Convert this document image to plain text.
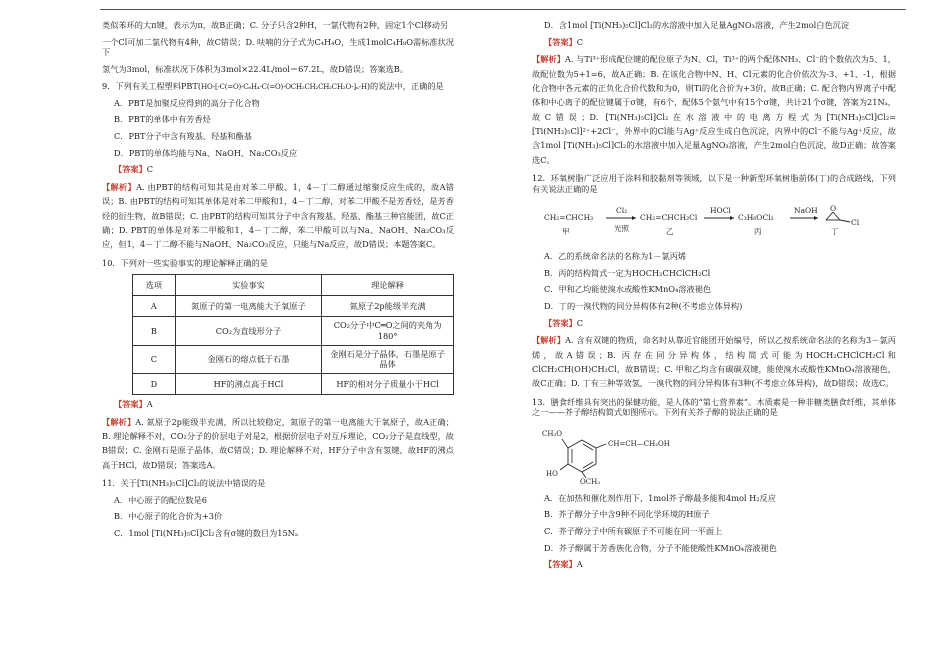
类似苯环的大π键，表示为π，故B正确；C. 分子只含2种H，一氯代物有2种，固定1个Cl移动另

一个Cl可加二氯代物有4种，故C错误；D. 呋喃的分子式为C₄H₄O，生成1molC₄H₈O需标准状况下

氢气为3mol，标准状况下体积为3mol×22.4L/mol＝67.2L，故D错误；答案选B。

9．下列有关工程塑料PBT(HO-[-C(=O)-C₆H₄-C(=O)-OCH₂CH₂CH₂CH₂O-]ₙ-H)的说法中，正确的是

A．PBT是加聚反应得到的高分子化合物

B．PBT的单体中有芳香烃

C．PBT分子中含有羧基、羟基和酯基

D．PBT的单体均能与Na、NaOH、Na₂CO₃反应

【答案】C

【解析】A. 由PBT的结构可知其是由对苯二甲酸、1，4－丁二醇通过缩聚反应生成的，故A错误；B. 由PBT的结构可知其单体是对苯二甲酸和1，4－丁二醇，对苯二甲酸不是芳香烃，是芳香烃的衍生物，故B错误；C. 由PBT的结构可知其分子中含有羧基、羟基、酯基三种官能团，故C正确；D. PBT的单体是对苯二甲酸和1，4－丁二醇，苯二甲酸可以与Na、NaOH、Na₂CO₃反应，但1，4－丁二醇不能与NaOH、Na₂CO₃反应，只能与Na反应，故D错误；本题答案C。

10．下列对一些实验事实的理论解释正确的是

选项	实验事实	理论解释
A	氮原子的第一电离能大于氧原子	氮原子2p能级半充满
B	CO₂为直线形分子	CO₂分子中C═O之间的夹角为180°
C	金刚石的熔点低于石墨	金刚石是分子晶体，石墨是原子晶体
D	HF的沸点高于HCl	HF的相对分子质量小于HCl

【答案】A

【解析】A. 氮原子2p能级半充满，所以比较稳定，氮原子的第一电离能大于氧原子，故A正确；B. 理论解释不对，CO₂分子的价层电子对是2，根据价层电子对互斥理论，CO₂分子是直线型，故B错误；C. 金刚石是原子晶体，故C错误；D. 理论解释不对，HF分子中含有氢键，故HF的沸点高于HCl，故D错误；答案选A。

11．关于[Ti(NH₃)₅Cl]Cl₂的说法中错误的是

A．中心原子的配位数是6

B．中心原子的化合价为+3价

C．1mol [Ti(NH₃)₅Cl]Cl₂含有σ键的数目为15Nₐ

D．含1mol [Ti(NH₃)₅Cl]Cl₂的水溶液中加入足量AgNO₃溶液，产生2mol白色沉淀

【答案】C

【解析】A. 与Ti³⁺形成配位键的配位原子为N、Cl，Ti³⁺的两个配体NH₃、Cl⁻的个数依次为5、1，故配位数为5+1=6，故A正确；B. 在该化合物中N、H、Cl元素的化合价依次为-3、+1、-1，根据化合物中各元素的正负化合价代数和为0，则Ti的化合价为+3价，故B正确；C. 配合物内界离子中配体和中心离子的配位键属于σ键，有6个，配体5个氨气中有15个σ键，共计21个σ键，答案为21Nₐ，故C错误；D. [Ti(NH₃)₅Cl]Cl₂在水溶液中的电离方程式为[Ti(NH₃)₅Cl]Cl₂=[Ti(NH₃)₅Cl]²⁺+2Cl⁻，外界中的Cl能与Ag⁺反应生成白色沉淀，内界中的Cl⁻不能与Ag⁺反应，故含1mol [Ti(NH₃)₅Cl]Cl₂的水溶液中加入足量AgNO₃溶液，产生2mol白色沉淀，故D正确；故答案选C。

12．环氧树脂广泛应用于涂料和胶黏剂等领域，以下是一种新型环氧树脂前体(丁)的合成路线，下列有关说法正确的是

CH₂=CHCH₃
甲
Cl₂
光照
CH₂=CHCH₂Cl
乙
HOCl
C₃H₆OCl₂
丙
NaOH O
Cl
丁

A．乙的系统命名法的名称为1－氯丙烯

B．丙的结构简式一定为HOCH₂CHClCH₂Cl

C．甲和乙均能使溴水或酸性KMnO₄溶液褪色

D．丁的一溴代物的同分异构体有2种(不考虑立体异构)

【答案】C

【解析】A. 含有双键的物质，命名时从靠近官能团开始编号，所以乙按系统命名法的名称为3－氯丙烯，故A错误；B. 丙存在同分异构体，结构简式可能为HOCH₂CHClCH₂Cl和ClCH₂CH(OH)CH₂Cl，故B错误；C. 甲和乙均含有碳碳双键，能使溴水或酸性KMnO₄溶液褪色，故C正确；D. 丁有三种等效氢，一溴代物的同分异构体有3种(不考虑立体异构)，故D错误；故选C。

13．膳食纤维具有突出的保健功能，是人体的“第七营养素”。木质素是一种非糖类膳食纤维，其单体之一——芥子醇结构简式如图所示。下列有关芥子醇的说法正确的是

CH₃O
CH=CH—CH₂OH
HO
OCH₃

A．在加热和催化剂作用下，1mol芥子醇最多能和4mol H₂反应

B．芥子醇分子中含9种不同化学环境的H原子

C．芥子醇分子中所有碳原子不可能在同一平面上

D．芥子醇属于芳香族化合物，分子不能使酸性KMnO₄溶液褪色

【答案】A
